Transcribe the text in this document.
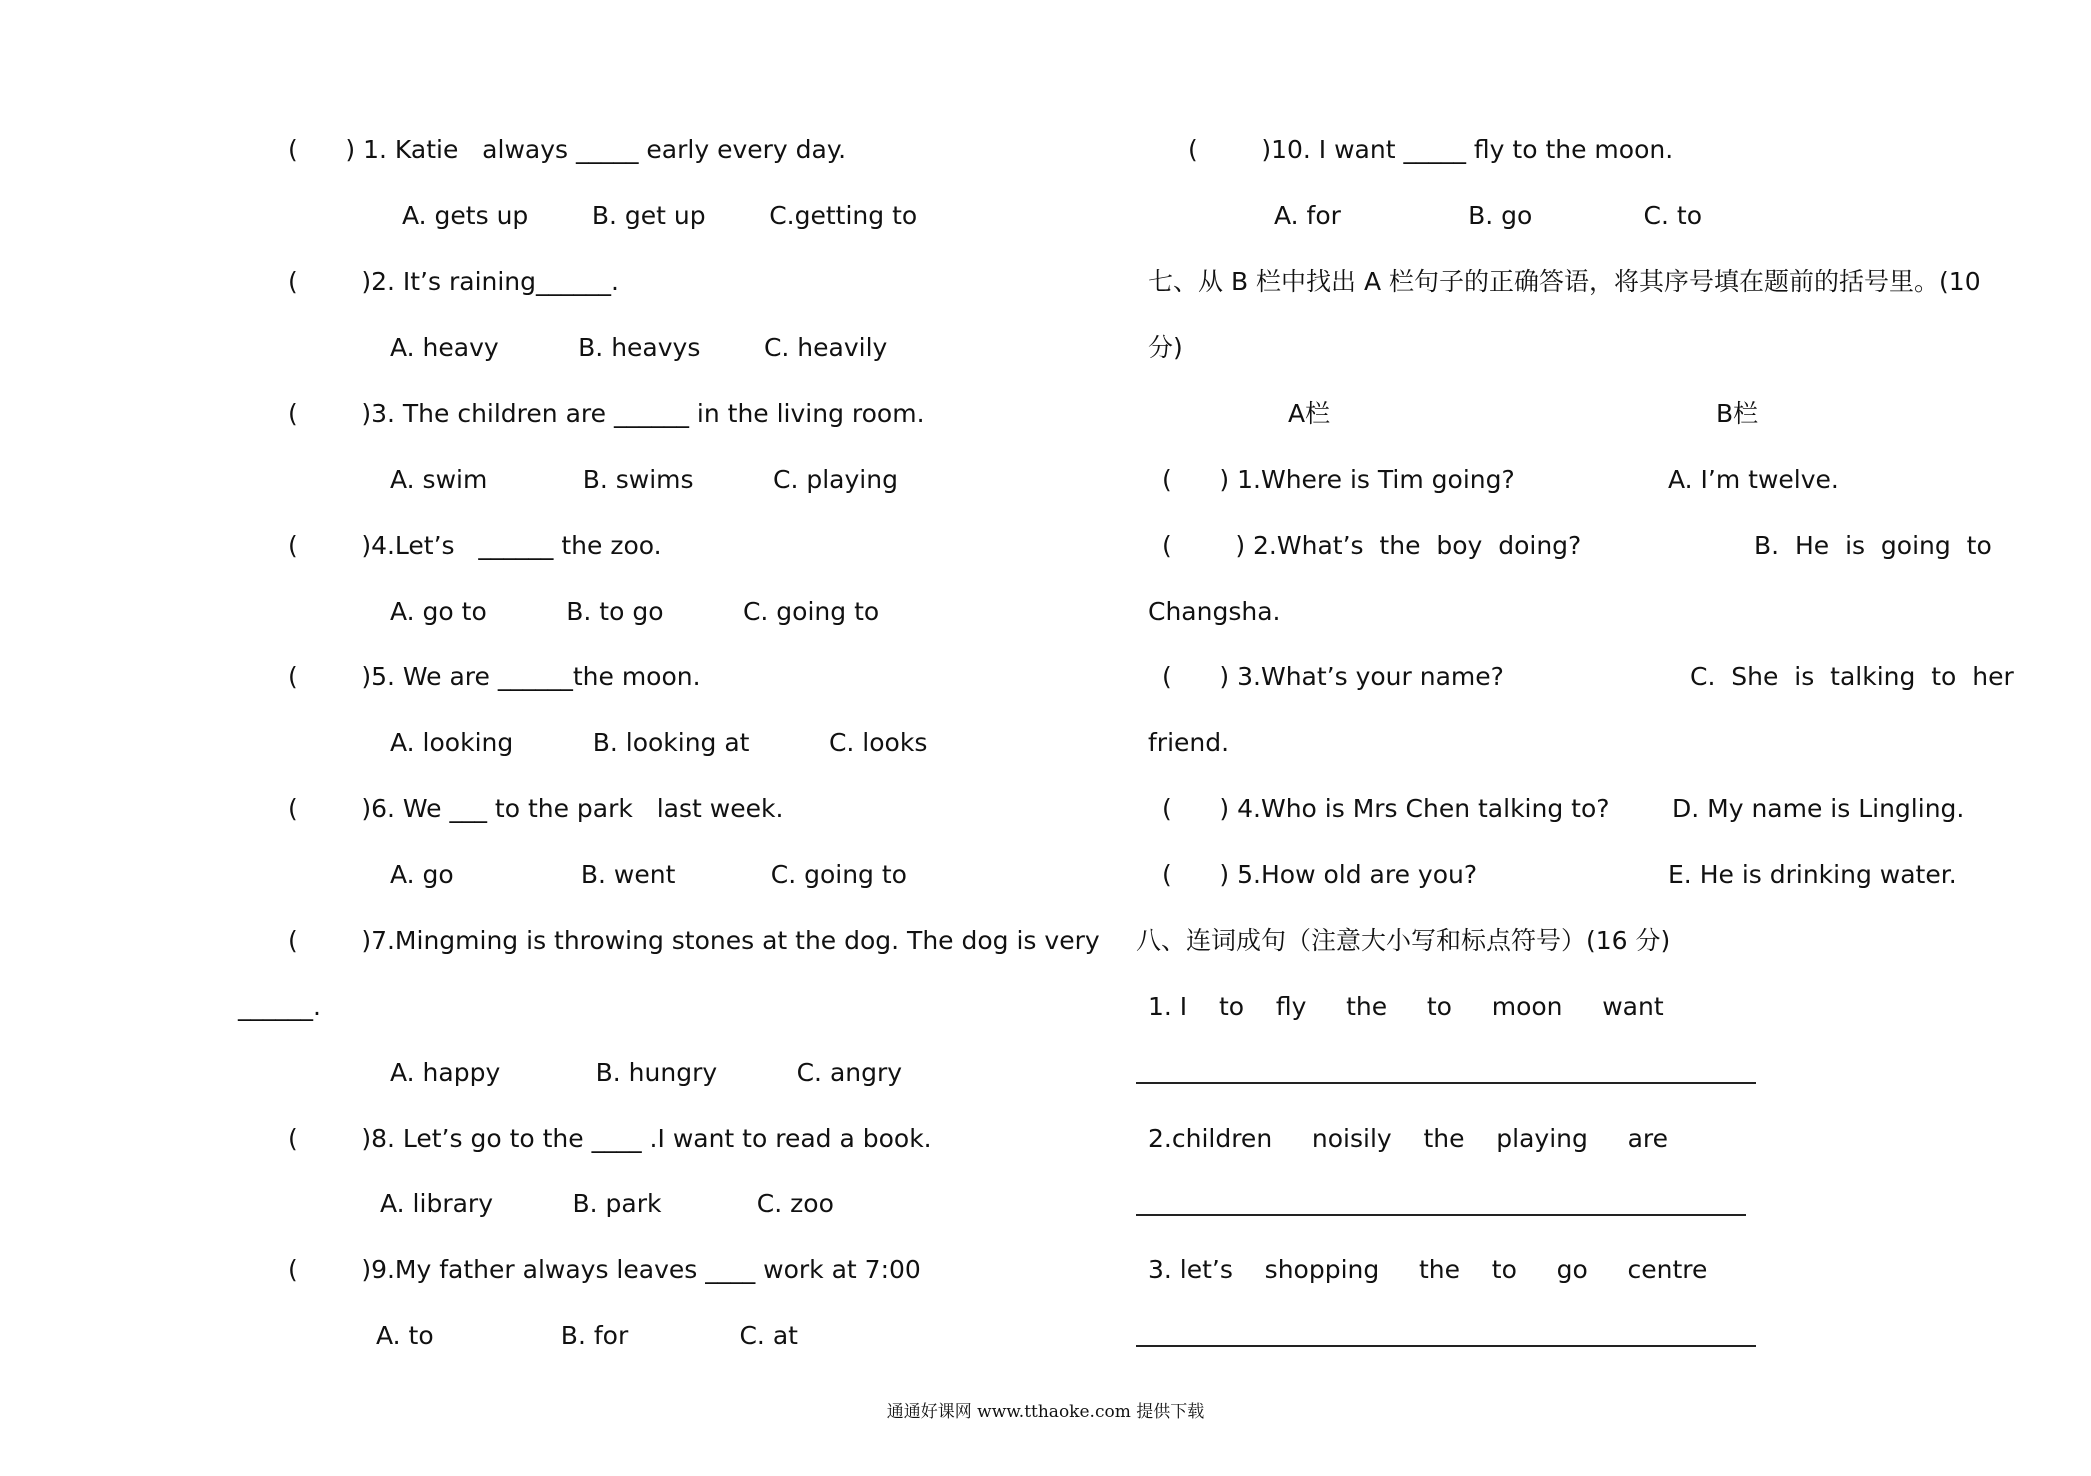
(      ) 1. Katie   always _____ early every day.
A. gets up        B. get up        C.getting to
(        )2. It’s raining______.
A. heavy          B. heavys        C. heavily
(        )3. The children are ______ in the living room.
A. swim            B. swims          C. playing
(        )4.Let’s   ______ the zoo.
A. go to          B. to go          C. going to
(        )5. We are ______the moon.
A. looking          B. looking at          C. looks
(        )6. We ___ to the park   last week.
A. go                B. went            C. going to
(        )7.Mingming is throwing stones at the dog. The dog is very
______.
A. happy            B. hungry          C. angry
(        )8. Let’s go to the ____ .I want to read a book.
A. library          B. park            C. zoo
(        )9.My father always leaves ____ work at 7:00
A. to                B. for              C. at
(        )10. I want _____ fly to the moon.
A. for                B. go              C. to
七、从 B 栏中找出 A 栏句子的正确答语，将其序号填在题前的括号里。(10
分)
A栏	B栏
(      ) 1.Where is Tim going?	A. I’m twelve.
(        ) 2.What’s  the  boy  doing?	B.  He  is  going  to
Changsha.
(      ) 3.What’s your name?	C.  She  is  talking  to  her
friend.
(      ) 4.Who is Mrs Chen talking to? D. My name is Lingling.
(      ) 5.How old are you?	E. He is drinking water.
八、连词成句（注意大小写和标点符号）(16 分)
1. I    to    fly     the     to     moon     want
2.children     noisily    the    playing     are
3. let’s    shopping     the    to     go     centre
通通好课网 www.tthaoke.com 提供下载
